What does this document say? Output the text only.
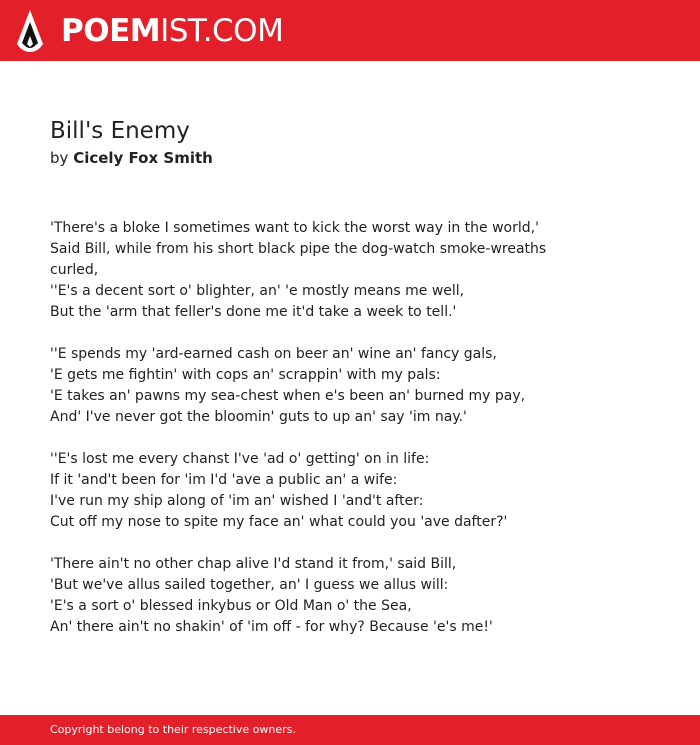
POEMIST.COM
Bill's Enemy
by Cicely Fox Smith
'There's a bloke I sometimes want to kick the worst way in the world,'
Said Bill, while from his short black pipe the dog-watch smoke-wreaths
curled,
''E's a decent sort o' blighter, an' 'e mostly means me well,
But the 'arm that feller's done me it'd take a week to tell.'
''E spends my 'ard-earned cash on beer an' wine an' fancy gals,
'E gets me fightin' with cops an' scrappin' with my pals:
'E takes an' pawns my sea-chest when e's been an' burned my pay,
And' I've never got the bloomin' guts to up an' say 'im nay.'
''E's lost me every chanst I've 'ad o' getting' on in life:
If it 'and't been for 'im I'd 'ave a public an' a wife:
I've run my ship along of 'im an' wished I 'and't after:
Cut off my nose to spite my face an' what could you 'ave dafter?'
'There ain't no other chap alive I'd stand it from,' said Bill,
'But we've allus sailed together, an' I guess we allus will:
'E's a sort o' blessed inkybus or Old Man o' the Sea,
An' there ain't no shakin' of 'im off - for why? Because 'e's me!'
Copyright belong to their respective owners.
